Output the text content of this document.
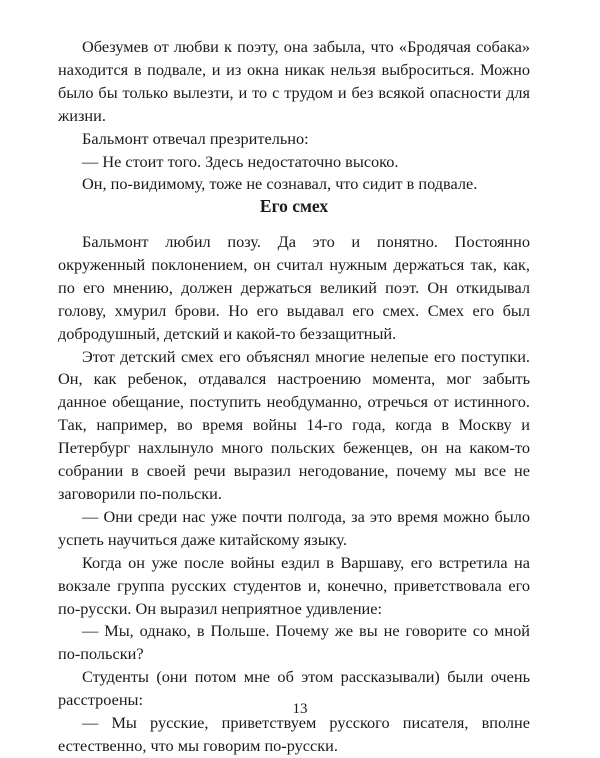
Обезумев от любви к поэту, она забыла, что «Бродячая собака» находится в подвале, и из окна никак нельзя выброситься. Можно было бы только вылезти, и то с трудом и без всякой опасности для жизни.

Бальмонт отвечал презрительно:

— Не стоит того. Здесь недостаточно высоко.

Он, по-видимому, тоже не сознавал, что сидит в подвале.

Его смех

Бальмонт любил позу. Да это и понятно. Постоянно окруженный поклонением, он считал нужным держаться так, как, по его мнению, должен держаться великий поэт. Он откидывал голову, хмурил брови. Но его выдавал его смех. Смех его был добродушный, детский и какой-то беззащитный.

Этот детский смех его объяснял многие нелепые его поступки. Он, как ребенок, отдавался настроению момента, мог забыть данное обещание, поступить необдуманно, отречься от истинного. Так, например, во время войны 14-го года, когда в Москву и Петербург нахлынуло много польских беженцев, он на каком-то собрании в своей речи выразил негодование, почему мы все не заговорили по-польски.

— Они среди нас уже почти полгода, за это время можно было успеть научиться даже китайскому языку.

Когда он уже после войны ездил в Варшаву, его встретила на вокзале группа русских студентов и, конечно, приветствовала его по-русски. Он выразил неприятное удивление:

— Мы, однако, в Польше. Почему же вы не говорите со мной по-польски?

Студенты (они потом мне об этом рассказывали) были очень расстроены:

— Мы русские, приветствуем русского писателя, вполне естественно, что мы говорим по-русски.

13
